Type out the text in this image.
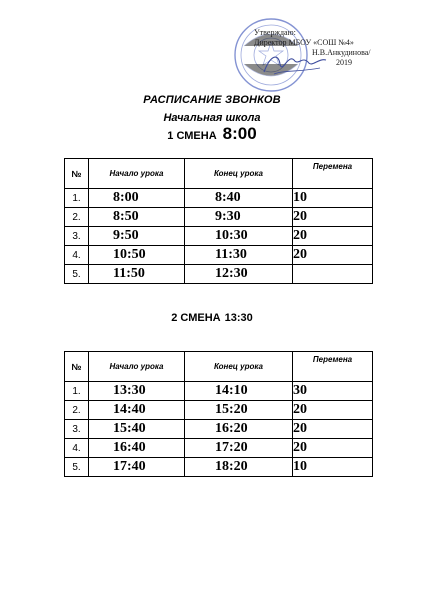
Утверждаю:
Директор МБОУ «СОШ №4»
Н.В.Анкудинова/
2019
РАСПИСАНИЕ ЗВОНКОВ
Начальная школа
1 СМЕНА 8:00
№	Начало урока	Конец урока	Перемена
1.	8:00	8:40	10
2.	8:50	9:30	20
3.	9:50	10:30	20
4.	10:50	11:30	20
5.	11:50	12:30	
2 СМЕНА 13:30
№	Начало урока	Конец урока	Перемена
1.	13:30	14:10	30
2.	14:40	15:20	20
3.	15:40	16:20	20
4.	16:40	17:20	20
5.	17:40	18:20	10
